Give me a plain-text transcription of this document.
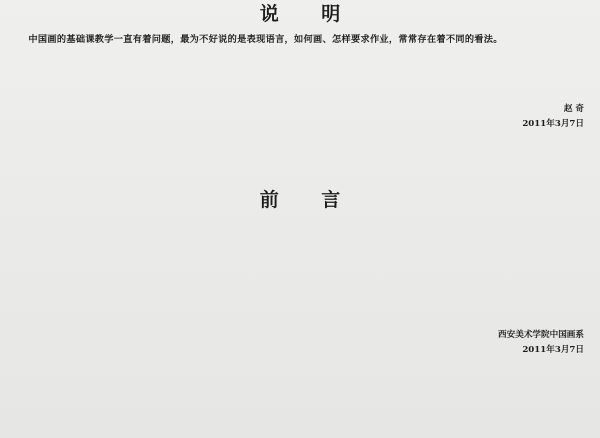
说 明

中国画的基础课教学一直有着问题，最为不好说的是表现语言，如何画、怎样要求作业，常常存在着不同的看法。

赵 奇
2011年3月7日
前 言

西安美术学院中国画系
2011年3月7日
